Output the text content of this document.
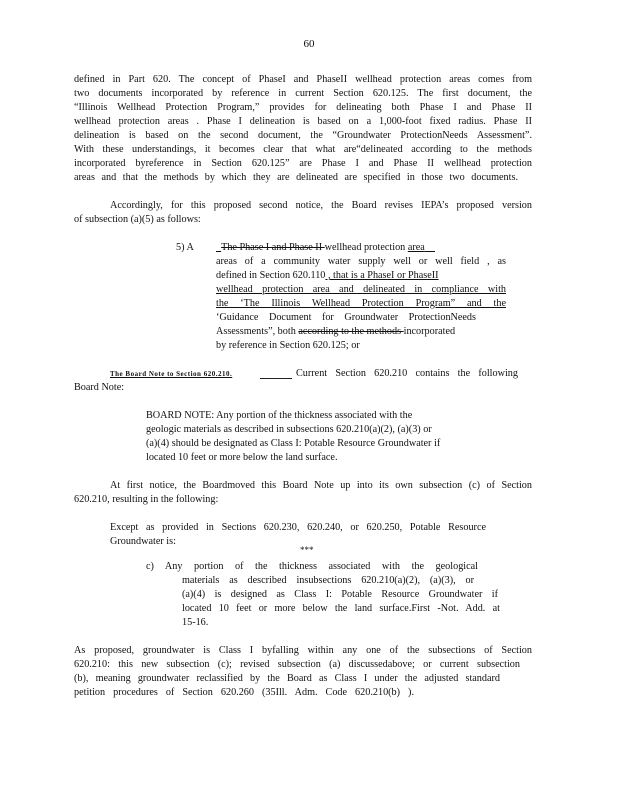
60
defined in Part 620. The concept of PhaseI and PhaseII wellhead protection areas comes from
two documents incorporated by reference in current Section 620.125. The first document, the
“Illinois Wellhead Protection Program,” provides for delineating both Phase I and Phase II
wellhead protection areas . Phase I delineation is based on a 1,000-foot fixed radius. Phase II
delineation is based on the second document, the “Groundwater ProtectionNeeds Assessment”.
With these understandings, it becomes clear that what are“delineated according to the methods
incorporated byreference in Section 620.125” are Phase I and Phase II wellhead protection
areas and that the methods by which they are delineated are specified in those two documents.
Accordingly, for this proposed second notice, the Board revises IEPA’s proposed version
of subsection (a)(5) as follows:
5) A	The Phase I and Phase II wellhead protection area
areas of a community water supply well or well field , as
defined in Section 620.110 , that is a PhaseI or PhaseII
wellhead protection area and delineated in compliance with
the ‘The Illinois Wellhead Protection Program” and the
‘Guidance Document for Groundwater ProtectionNeeds
Assessments”, both according to the methods incorporated
by reference in Section 620.125; or
The Board Note to Section 620.210.	Current Section 620.210 contains the following
Board Note:
BOARD NOTE: Any portion of the thickness associated with the
geologic materials as described in subsections 620.210(a)(2), (a)(3) or
(a)(4) should be designated as Class I: Potable Resource Groundwater if
located 10 feet or more below the land surface.
At first notice, the Boardmoved this Board Note up into its own subsection (c) of Section
620.210, resulting in the following:
Except as provided in Sections 620.230, 620.240, or 620.250, Potable Resource
Groundwater is:
***
c) Any portion of the thickness associated with the geological
materials as described insubsections 620.210(a)(2), (a)(3), or
(a)(4) is designed as Class I: Potable Resource Groundwater if
located 10 feet or more below the land surface.First -Not. Add. at
15-16.
As proposed, groundwater is Class I byfalling within any one of the subsections of Section
620.210: this new subsection (c); revised subsection (a) discussedabove; or current subsection
(b), meaning groundwater reclassified by the Board as Class I under the adjusted standard
petition procedures of Section 620.260 (35Ill. Adm. Code 620.210(b) ).
